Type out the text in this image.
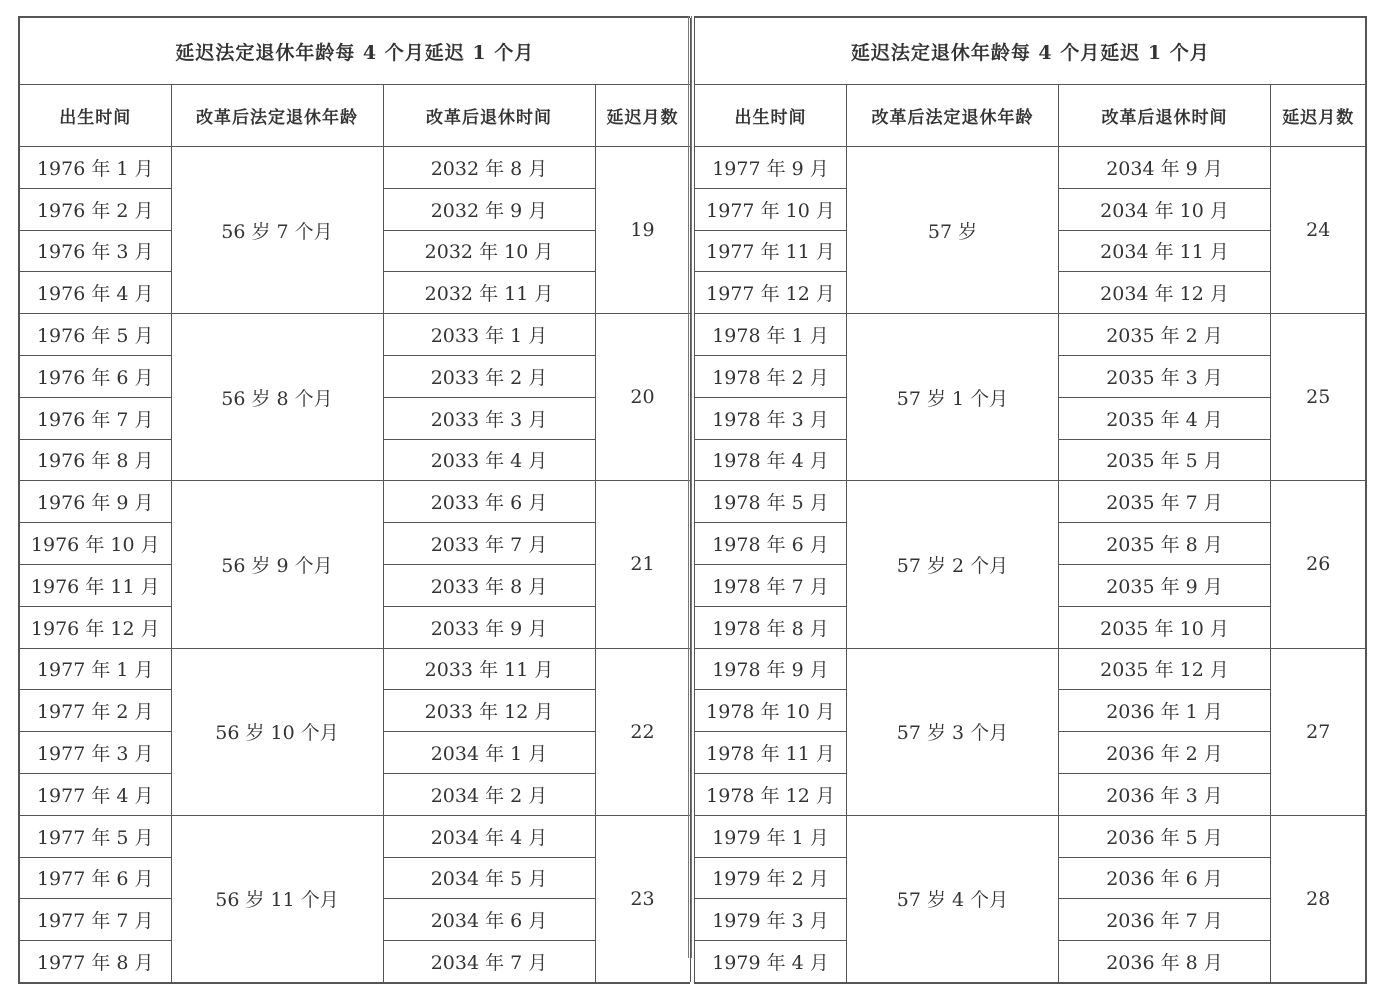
延迟法定退休年龄每 4 个月延迟 1 个月			
出生时间	改革后法定退休年龄	改革后退休时间	延迟月数
1976 年 1 月	56 岁 7 个月	2032 年 8 月	19
1976 年 2 月		2032 年 9 月	
1976 年 3 月		2032 年 10 月	
1976 年 4 月		2032 年 11 月	
1976 年 5 月	56 岁 8 个月	2033 年 1 月	20
1976 年 6 月		2033 年 2 月	
1976 年 7 月		2033 年 3 月	
1976 年 8 月		2033 年 4 月	
1976 年 9 月	56 岁 9 个月	2033 年 6 月	21
1976 年 10 月		2033 年 7 月	
1976 年 11 月		2033 年 8 月	
1976 年 12 月		2033 年 9 月	
1977 年 1 月	56 岁 10 个月	2033 年 11 月	22
1977 年 2 月		2033 年 12 月	
1977 年 3 月		2034 年 1 月	
1977 年 4 月		2034 年 2 月	
1977 年 5 月	56 岁 11 个月	2034 年 4 月	23
1977 年 6 月		2034 年 5 月	
1977 年 7 月		2034 年 6 月	
1977 年 8 月		2034 年 7 月	
延迟法定退休年龄每 4 个月延迟 1 个月			
出生时间	改革后法定退休年龄	改革后退休时间	延迟月数
1977 年 9 月	57 岁	2034 年 9 月	24
1977 年 10 月		2034 年 10 月	
1977 年 11 月		2034 年 11 月	
1977 年 12 月		2034 年 12 月	
1978 年 1 月	57 岁 1 个月	2035 年 2 月	25
1978 年 2 月		2035 年 3 月	
1978 年 3 月		2035 年 4 月	
1978 年 4 月		2035 年 5 月	
1978 年 5 月	57 岁 2 个月	2035 年 7 月	26
1978 年 6 月		2035 年 8 月	
1978 年 7 月		2035 年 9 月	
1978 年 8 月		2035 年 10 月	
1978 年 9 月	57 岁 3 个月	2035 年 12 月	27
1978 年 10 月		2036 年 1 月	
1978 年 11 月		2036 年 2 月	
1978 年 12 月		2036 年 3 月	
1979 年 1 月	57 岁 4 个月	2036 年 5 月	28
1979 年 2 月		2036 年 6 月	
1979 年 3 月		2036 年 7 月	
1979 年 4 月		2036 年 8 月	
